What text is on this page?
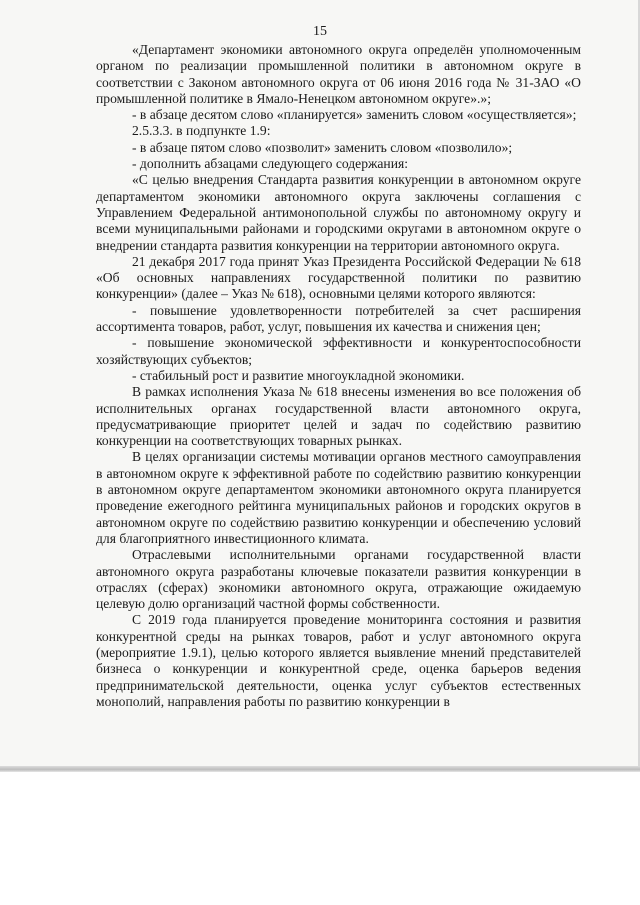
15

«Департамент экономики автономного округа определён уполномоченным органом по реализации промышленной политики в автономном округе в соответствии с Законом автономного округа от 06 июня 2016 года № 31-ЗАО «О промышленной политике в Ямало-Ненецком автономном округе».»;

- в абзаце десятом слово «планируется» заменить словом «осуществляется»;

2.5.3.3. в подпункте 1.9:

- в абзаце пятом слово «позволит» заменить словом «позволило»;

- дополнить абзацами следующего содержания:

«С целью внедрения Стандарта развития конкуренции в автономном округе департаментом экономики автономного округа заключены соглашения с Управлением Федеральной антимонопольной службы по автономному округу и всеми муниципальными районами и городскими округами в автономном округе о внедрении стандарта развития конкуренции на территории автономного округа.

21 декабря 2017 года принят Указ Президента Российской Федерации № 618 «Об основных направлениях государственной политики по развитию конкуренции» (далее – Указ № 618), основными целями которого являются:

- повышение удовлетворенности потребителей за счет расширения ассортимента товаров, работ, услуг, повышения их качества и снижения цен;

- повышение экономической эффективности и конкурентоспособности хозяйствующих субъектов;

- стабильный рост и развитие многоукладной экономики.

В рамках исполнения Указа № 618 внесены изменения во все положения об исполнительных органах государственной власти автономного округа, предусматривающие приоритет целей и задач по содействию развитию конкуренции на соответствующих товарных рынках.

В целях организации системы мотивации органов местного самоуправления в автономном округе к эффективной работе по содействию развитию конкуренции в автономном округе департаментом экономики автономного округа планируется проведение ежегодного рейтинга муниципальных районов и городских округов в автономном округе по содействию развитию конкуренции и обеспечению условий для благоприятного инвестиционного климата.

Отраслевыми исполнительными органами государственной власти автономного округа разработаны ключевые показатели развития конкуренции в отраслях (сферах) экономики автономного округа, отражающие ожидаемую целевую долю организаций частной формы собственности.

С 2019 года планируется проведение мониторинга состояния и развития конкурентной среды на рынках товаров, работ и услуг автономного округа (мероприятие 1.9.1), целью которого является выявление мнений представителей бизнеса о конкуренции и конкурентной среде, оценка барьеров ведения предпринимательской деятельности, оценка услуг субъектов естественных монополий, направления работы по развитию конкуренции в
